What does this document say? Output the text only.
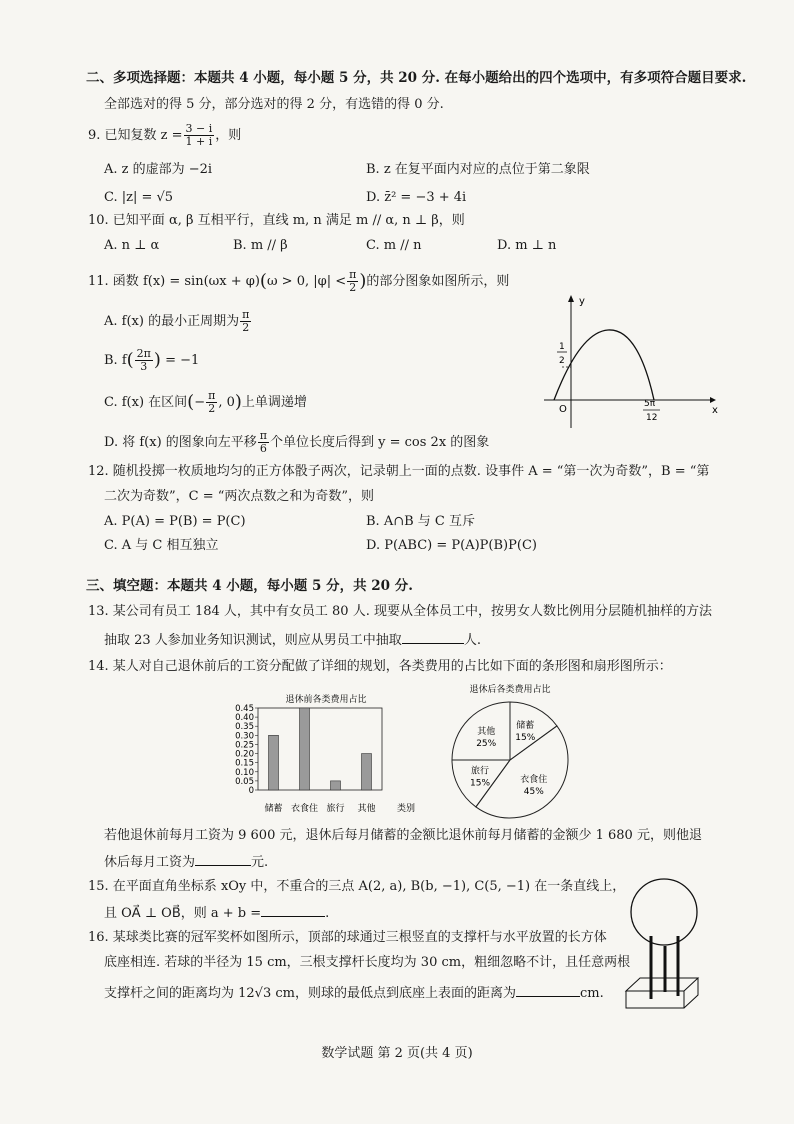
二、多项选择题：本题共 4 小题，每小题 5 分，共 20 分. 在每小题给出的四个选项中，有多项符合题目要求.
全部选对的得 5 分，部分选对的得 2 分，有选错的得 0 分.
9. 已知复数 $z = \frac{3 - i}{1 + i}$ ，则
A. z 的虚部为 −2i	B. z 在复平面内对应的点位于第二象限
C. |z| = √5	D. z̄² = −3 + 4i
10. 已知平面 α, β 互相平行，直线 m, n 满足 m // α, n ⊥ β，则
A. n ⊥ α	B. m // β	C. m // n	D. m ⊥ n
11. 函数 f(x) = sin(ωx + φ)(ω > 0, $|\varphi| < \frac{\pi}{2}$ )的部分图象如图所示，则
A. f(x) 的最小正周期为 $\frac{\pi}{2}$
B. $f( \frac{2\pi}{3}$ ) = −1
C. f(x) 在区间(− $\frac{\pi}{2}$ , 0)上单调递增
D. 将 f(x) 的图象向左平移 $\frac{\pi}{6}$ 个单位长度后得到 y = cos 2x 的图象
y
x
O
1
2
5π
12
12. 随机投掷一枚质地均匀的正方体骰子两次，记录朝上一面的点数. 设事件 A = “第一次为奇数”，B = “第
二次为奇数”，C = “两次点数之和为奇数”，则
A. P(A) = P(B) = P(C)	B. A∩B 与 C 互斥
C. A 与 C 相互独立	D. P(ABC) = P(A)P(B)P(C)
三、填空题：本题共 4 小题，每小题 5 分，共 20 分.
13. 某公司有员工 184 人，其中有女员工 80 人. 现要从全体员工中，按男女人数比例用分层随机抽样的方法
抽取 23 人参加业务知识测试，则应从男员工中抽取	人.
14. 某人对自己退休前后的工资分配做了详细的规划，各类费用的占比如下面的条形图和扇形图所示：
退休前各类费用占比
0.45
0.40
0.35
0.30
0.25
0.20
0.15
0.10
0.05
0
储蓄 衣食住 旅行 其他 类别
退休后各类费用占比
储蓄
15%
衣食住
45%
旅行
15%
其他
25%
若他退休前每月工资为 9 600 元，退休后每月储蓄的金额比退休前每月储蓄的金额少 1 680 元，则他退
休后每月工资为	元.
15. 在平面直角坐标系 xOy 中，不重合的三点 A(2, a), B(b, −1), C(5, −1) 在一条直线上，
且 OA⃗ ⊥ OB⃗，则 a + b =	.
16. 某球类比赛的冠军奖杯如图所示，顶部的球通过三根竖直的支撑杆与水平放置的长方体
底座相连. 若球的半径为 15 cm，三根支撑杆长度均为 30 cm，粗细忽略不计，且任意两根
支撑杆之间的距离均为 12√3 cm，则球的最低点到底座上表面的距离为	cm.
数学试题 第 2 页(共 4 页)
